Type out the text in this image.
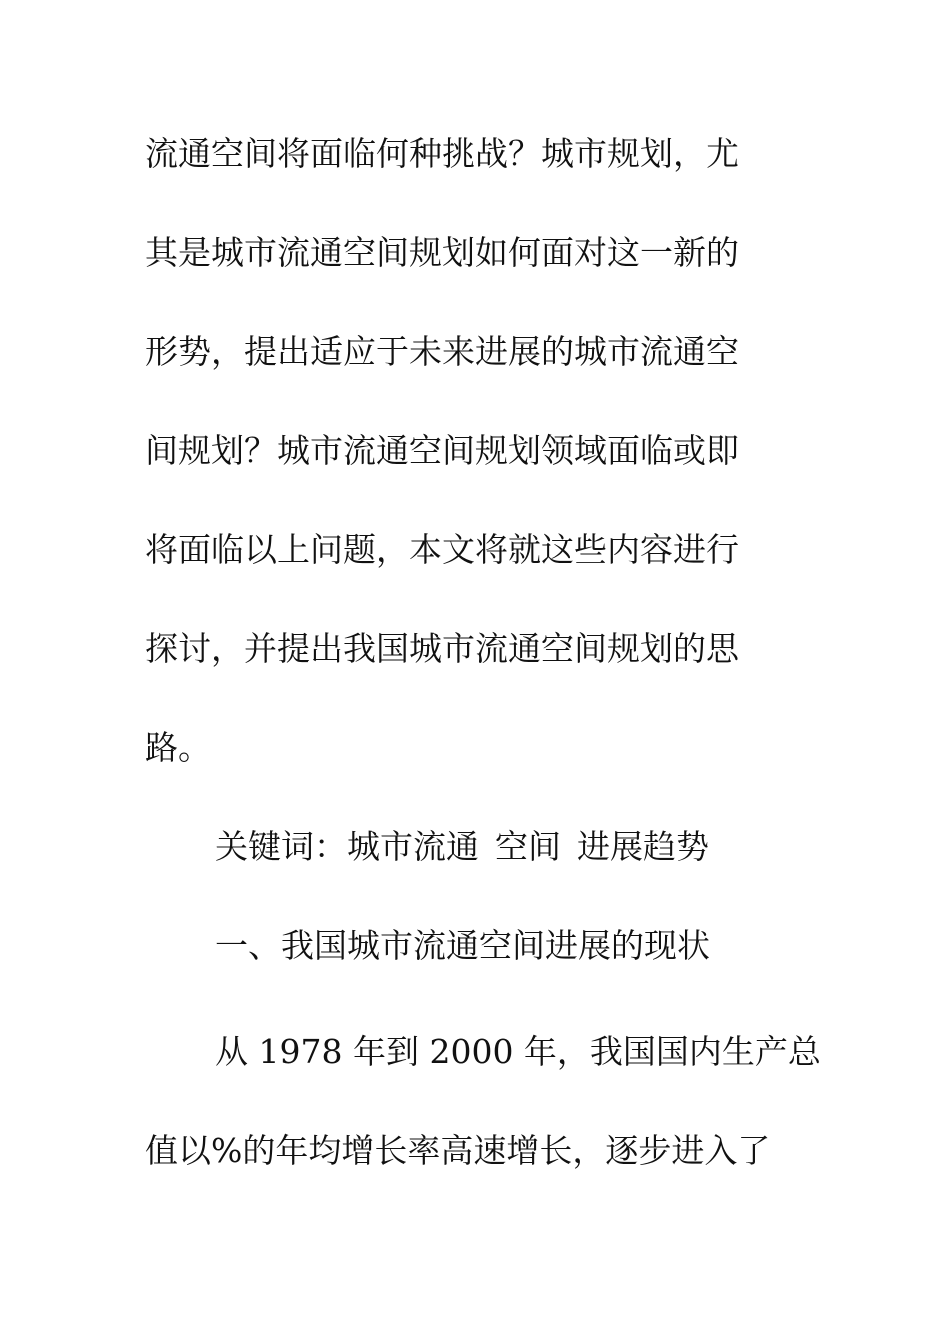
流通空间将面临何种挑战？城市规划，尤
其是城市流通空间规划如何面对这一新的
形势，提出适应于未来进展的城市流通空
间规划？城市流通空间规划领域面临或即
将面临以上问题，本文将就这些内容进行
探讨，并提出我国城市流通空间规划的思
路。
关键词：城市流通 空间 进展趋势
一、我国城市流通空间进展的现状
从 1978 年到 2000 年，我国国内生产总
值以%的年均增长率高速增长，逐步进入了
